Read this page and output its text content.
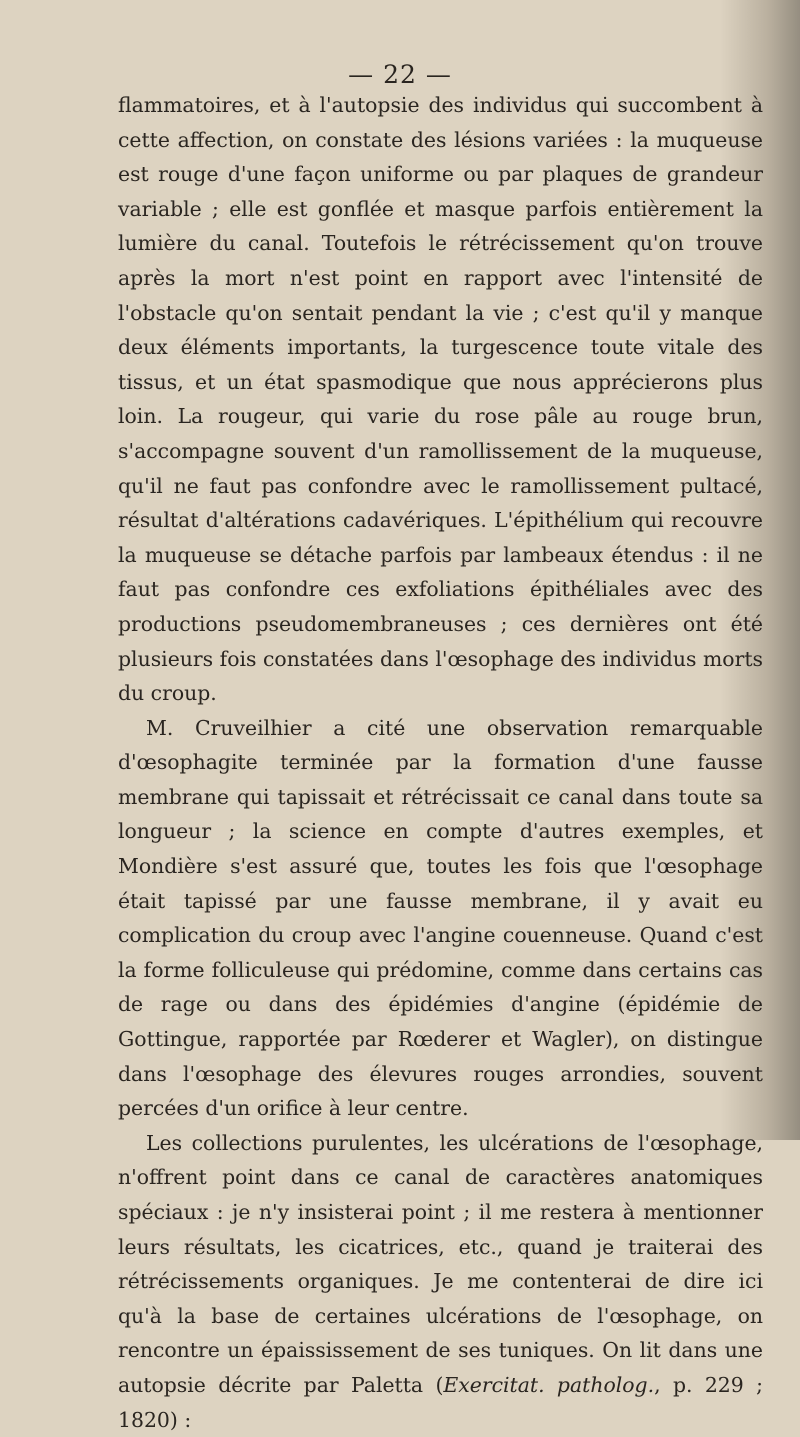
— 22 —

flammatoires, et à l'autopsie des individus qui succombent à cette affection, on constate des lésions variées : la muqueuse est rouge d'une façon uniforme ou par plaques de grandeur variable ; elle est gonflée et masque parfois entièrement la lumière du canal. Toutefois le rétrécissement qu'on trouve après la mort n'est point en rapport avec l'intensité de l'obstacle qu'on sentait pendant la vie ; c'est qu'il y manque deux éléments importants, la turgescence toute vitale des tissus, et un état spasmodique que nous apprécierons plus loin. La rougeur, qui varie du rose pâle au rouge brun, s'accompagne souvent d'un ramollissement de la muqueuse, qu'il ne faut pas confondre avec le ramollissement pultacé, résultat d'altérations cadavériques. L'épithélium qui recouvre la muqueuse se détache parfois par lambeaux étendus : il ne faut pas confondre ces exfoliations épithéliales avec des productions pseudomembraneuses ; ces dernières ont été plusieurs fois constatées dans l'œsophage des individus morts du croup.

M. Cruveilhier a cité une observation remarquable d'œsophagite terminée par la formation d'une fausse membrane qui tapissait et rétrécissait ce canal dans toute sa longueur ; la science en compte d'autres exemples, et Mondière s'est assuré que, toutes les fois que l'œsophage était tapissé par une fausse membrane, il y avait eu complication du croup avec l'angine couenneuse. Quand c'est la forme folliculeuse qui prédomine, comme dans certains cas de rage ou dans des épidémies d'angine (épidémie de Gottingue, rapportée par Rœderer et Wagler), on distingue dans l'œsophage des élevures rouges arrondies, souvent percées d'un orifice à leur centre.

Les collections purulentes, les ulcérations de l'œsophage, n'offrent point dans ce canal de caractères anatomiques spéciaux : je n'y insisterai point ; il me restera à mentionner leurs résultats, les cicatrices, etc., quand je traiterai des rétrécissements organiques. Je me contenterai de dire ici qu'à la base de certaines ulcérations de l'œsophage, on rencontre un épaississement de ses tuniques. On lit dans une autopsie décrite par Paletta (Exercitat. patholog., p. 229 ; 1820) :
